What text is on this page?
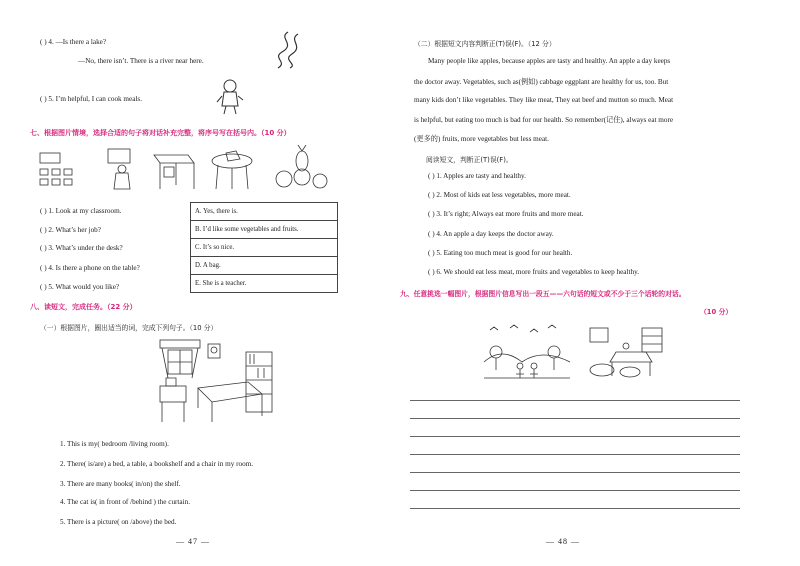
( ) 4. —Is there a lake?
—No, there isn’t. There is a river near here.
( ) 5. I’m helpful, I can cook meals.
七、根据图片情境，选择合适的句子将对话补充完整，将序号写在括号内。（10 分）
( ) 1. Look at my classroom.
( ) 2. What’s her job?
( ) 3. What’s under the desk?
( ) 4. Is there a phone on the table?
( ) 5. What would you like?
A. Yes, there is.
B. I’d like some vegetables and fruits.
C. It’s so nice.
D. A bag.
E. She is a teacher.
八、读短文，完成任务。（22 分）
（一）根据图片，圈出适当的词，完成下列句子。（10 分）
1. This is my( bedroom /living room).
2. There( is/are) a bed, a table, a bookshelf and a chair in my room.
3. There are many books( in/on) the shelf.
4. The cat is( in front of /behind ) the curtain.
5. There is a picture( on /above) the bed.
— 47 —
（二）根据短文内容判断正(T)误(F)。（12 分）
Many people like apples, because apples are tasty and healthy. An apple a day keeps
the doctor away. Vegetables, such as(例如) cabbage eggplant are healthy for us, too. But
many kids don’t like vegetables. They like meat, They eat beef and mutton so much. Meat
is helpful, but eating too much is bad for our health. So remember(记住), always eat more
(更多的) fruits, more vegetables but less meat.
阅读短文，判断正(T)误(F)。
( ) 1. Apples are tasty and healthy.
( ) 2. Most of kids eat less vegetables, more meat.
( ) 3. It’s right; Always eat more fruits and more meat.
( ) 4. An apple a day keeps the doctor away.
( ) 5. Eating too much meat is good for our health.
( ) 6. We should eat less meat, more fruits and vegetables to keep healthy.
九、任意挑选一幅图片，根据图片信息写出一段五——六句话的短文或不少于三个话轮的对话。
（10 分）
— 48 —
